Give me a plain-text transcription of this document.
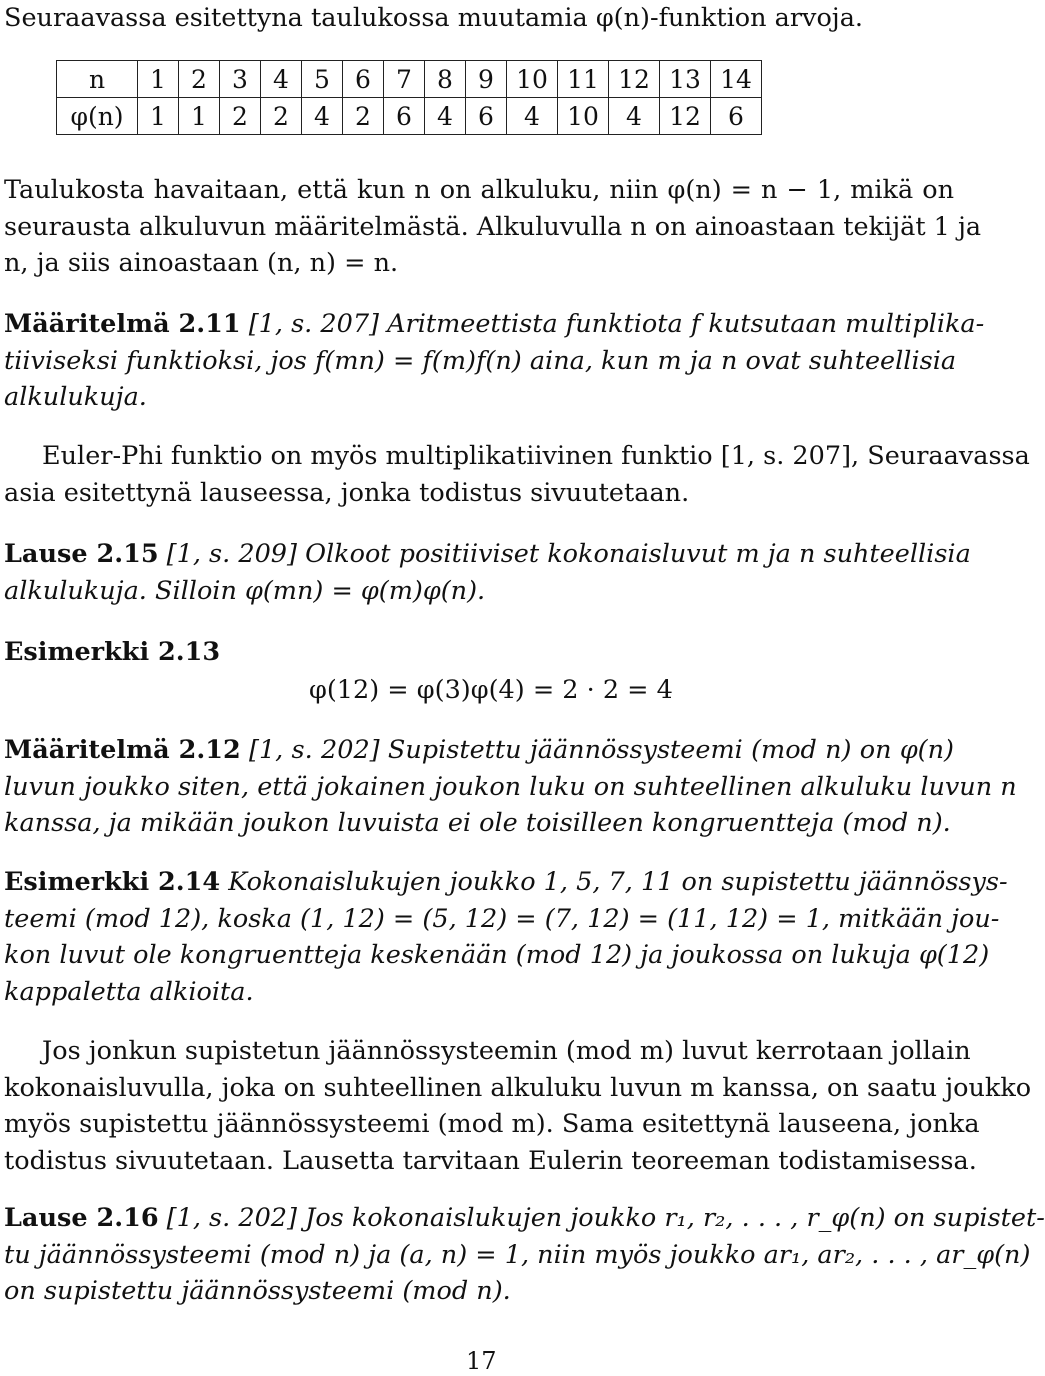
Seuraavassa esitettyna taulukossa muutamia φ(n)-funktion arvoja.
n	1	2	3	4	5	6	7	8	9	10	11	12	13	14
φ(n)	1	1	2	2	4	2	6	4	6	4	10	4	12	6
Taulukosta havaitaan, että kun n on alkuluku, niin φ(n) = n − 1, mikä on
seurausta alkuluvun määritelmästä. Alkuluvulla n on ainoastaan tekijät 1 ja
n, ja siis ainoastaan (n, n) = n.
Määritelmä 2.11 [1, s. 207] Aritmeettista funktiota f kutsutaan multiplika-
tiiviseksi funktioksi, jos f(mn) = f(m)f(n) aina, kun m ja n ovat suhteellisia
alkulukuja.
Euler-Phi funktio on myös multiplikatiivinen funktio [1, s. 207], Seuraavassa
asia esitettynä lauseessa, jonka todistus sivuutetaan.
Lause 2.15 [1, s. 209] Olkoot positiiviset kokonaisluvut m ja n suhteellisia
alkulukuja. Silloin φ(mn) = φ(m)φ(n).
Esimerkki 2.13
φ(12) = φ(3)φ(4) = 2 · 2 = 4
Määritelmä 2.12 [1, s. 202] Supistettu jäännössysteemi (mod n) on φ(n)
luvun joukko siten, että jokainen joukon luku on suhteellinen alkuluku luvun n
kanssa, ja mikään joukon luvuista ei ole toisilleen kongruentteja (mod n).
Esimerkki 2.14 Kokonaislukujen joukko 1, 5, 7, 11 on supistettu jäännössys-
teemi (mod 12), koska (1, 12) = (5, 12) = (7, 12) = (11, 12) = 1, mitkään jou-
kon luvut ole kongruentteja keskenään (mod 12) ja joukossa on lukuja φ(12)
kappaletta alkioita.
Jos jonkun supistetun jäännössysteemin (mod m) luvut kerrotaan jollain
kokonaisluvulla, joka on suhteellinen alkuluku luvun m kanssa, on saatu joukko
myös supistettu jäännössysteemi (mod m). Sama esitettynä lauseena, jonka
todistus sivuutetaan. Lausetta tarvitaan Eulerin teoreeman todistamisessa.
Lause 2.16 [1, s. 202] Jos kokonaislukujen joukko r₁, r₂, . . . , r_φ(n) on supistet-
tu jäännössysteemi (mod n) ja (a, n) = 1, niin myös joukko ar₁, ar₂, . . . , ar_φ(n)
on supistettu jäännössysteemi (mod n).
17
